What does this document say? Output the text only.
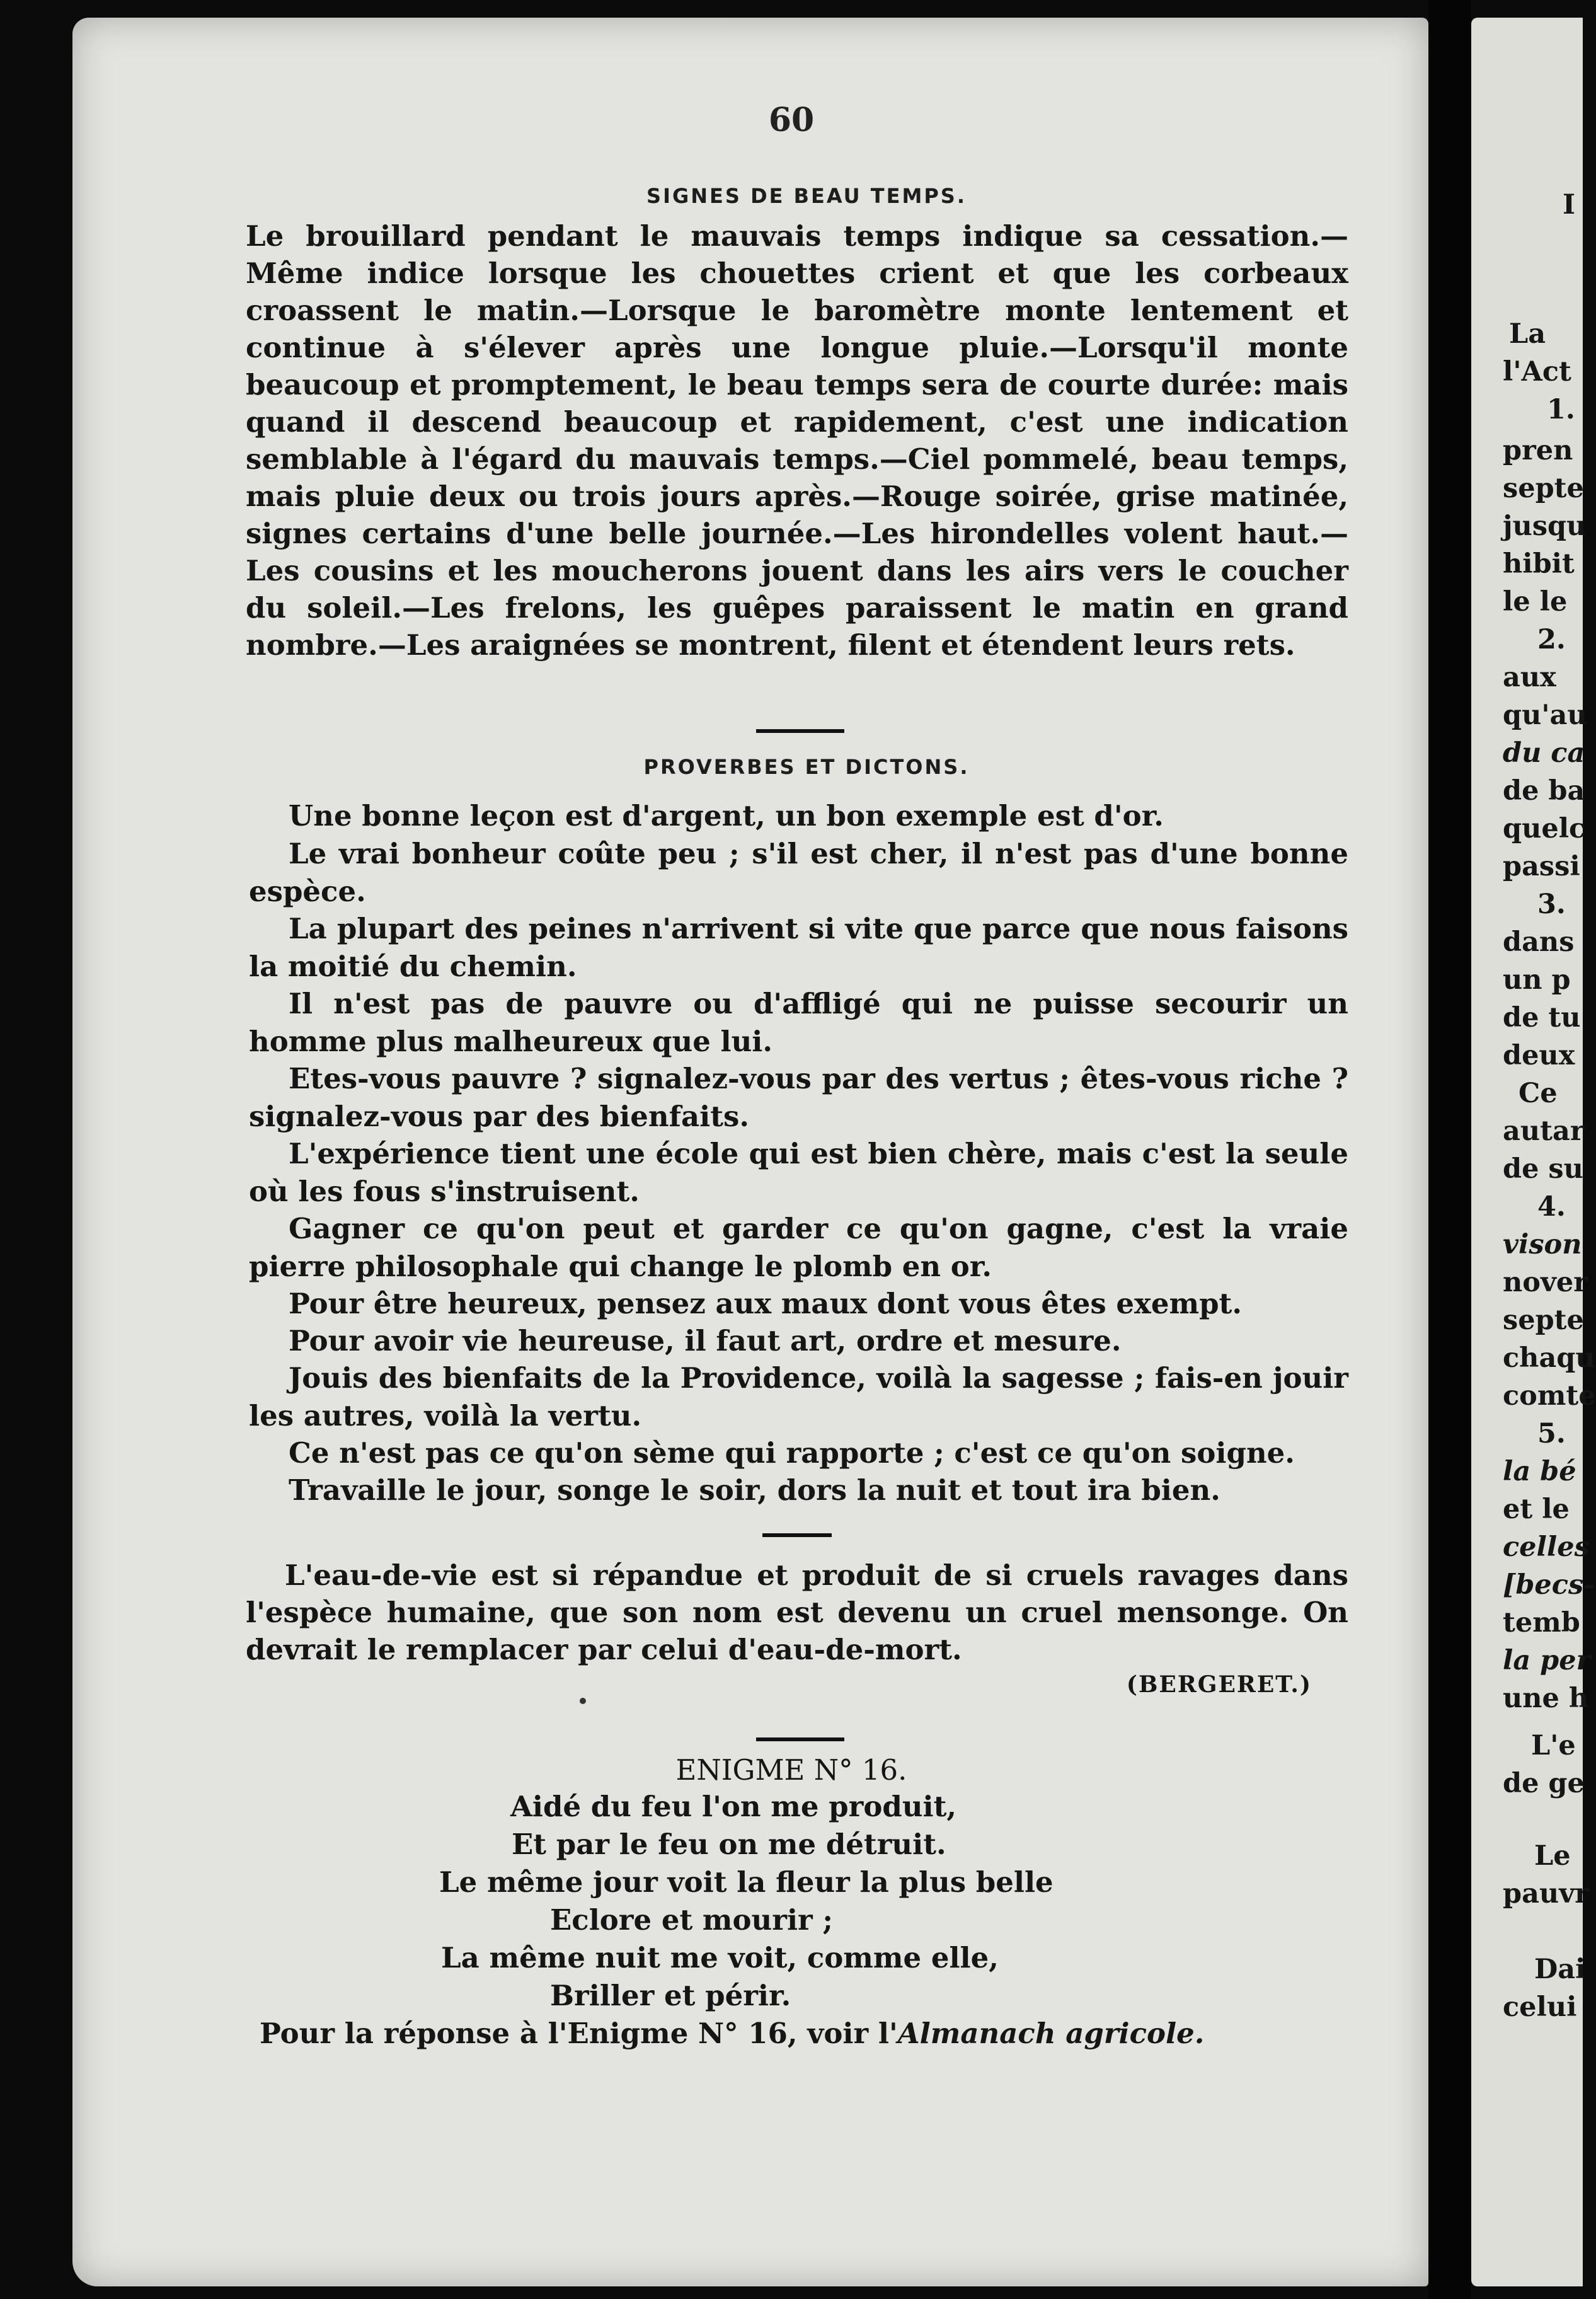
I
La
l'Act
1.
pren
septe
jusqu
hibit
le le
2.
aux
qu'au
du ca
de ba
quelc
passi
3.
dans
un p
de tu
deux
Ce
autar
de su
4.
vison
nover
septe
chaqu
comte
5.
la bé
et le
celles
[becs-
temb
la per
une h
L'e
de ge
Le
pauvr
Dai
celui
60
SIGNES DE BEAU TEMPS.

Le brouillard pendant le mauvais temps indique sa cessation.— Même indice lorsque les chouettes crient et que les corbeaux croassent le matin.—Lorsque le baromètre monte lentement et continue à s'élever après une longue pluie.—Lorsqu'il monte beaucoup et promptement, le beau temps sera de courte durée: mais quand il descend beaucoup et rapidement, c'est une indication semblable à l'égard du mauvais temps.—Ciel pommelé, beau temps, mais pluie deux ou trois jours après.—Rouge soirée, grise matinée, signes certains d'une belle journée.—Les hirondelles volent haut.—Les cousins et les moucherons jouent dans les airs vers le coucher du soleil.—Les frelons, les guêpes paraissent le matin en grand nombre.—Les araignées se montrent, filent et étendent leurs rets.

PROVERBES ET DICTONS.

Une bonne leçon est d'argent, un bon exemple est d'or.

Le vrai bonheur coûte peu ; s'il est cher, il n'est pas d'une bonne espèce.

La plupart des peines n'arrivent si vite que parce que nous faisons la moitié du chemin.

Il n'est pas de pauvre ou d'affligé qui ne puisse secourir un homme plus malheureux que lui.

Etes-vous pauvre ? signalez-vous par des vertus ; êtes-vous riche ? signalez-vous par des bienfaits.

L'expérience tient une école qui est bien chère, mais c'est la seule où les fous s'instruisent.

Gagner ce qu'on peut et garder ce qu'on gagne, c'est la vraie pierre philosophale qui change le plomb en or.

Pour être heureux, pensez aux maux dont vous êtes exempt.

Pour avoir vie heureuse, il faut art, ordre et mesure.

Jouis des bienfaits de la Providence, voilà la sagesse ; fais-en jouir les autres, voilà la vertu.

Ce n'est pas ce qu'on sème qui rapporte ; c'est ce qu'on soigne.

Travaille le jour, songe le soir, dors la nuit et tout ira bien.

L'eau-de-vie est si répandue et produit de si cruels ravages dans l'espèce humaine, que son nom est devenu un cruel mensonge. On devrait le remplacer par celui d'eau-de-mort.

(BERGERET.)
ENIGME N° 16.
Aidé du feu l'on me produit,
Et par le feu on me détruit.
Le même jour voit la fleur la plus belle
Eclore et mourir ;
La même nuit me voit, comme elle,
Briller et périr.
Pour la réponse à l'Enigme N° 16, voir l'Almanach agricole.
